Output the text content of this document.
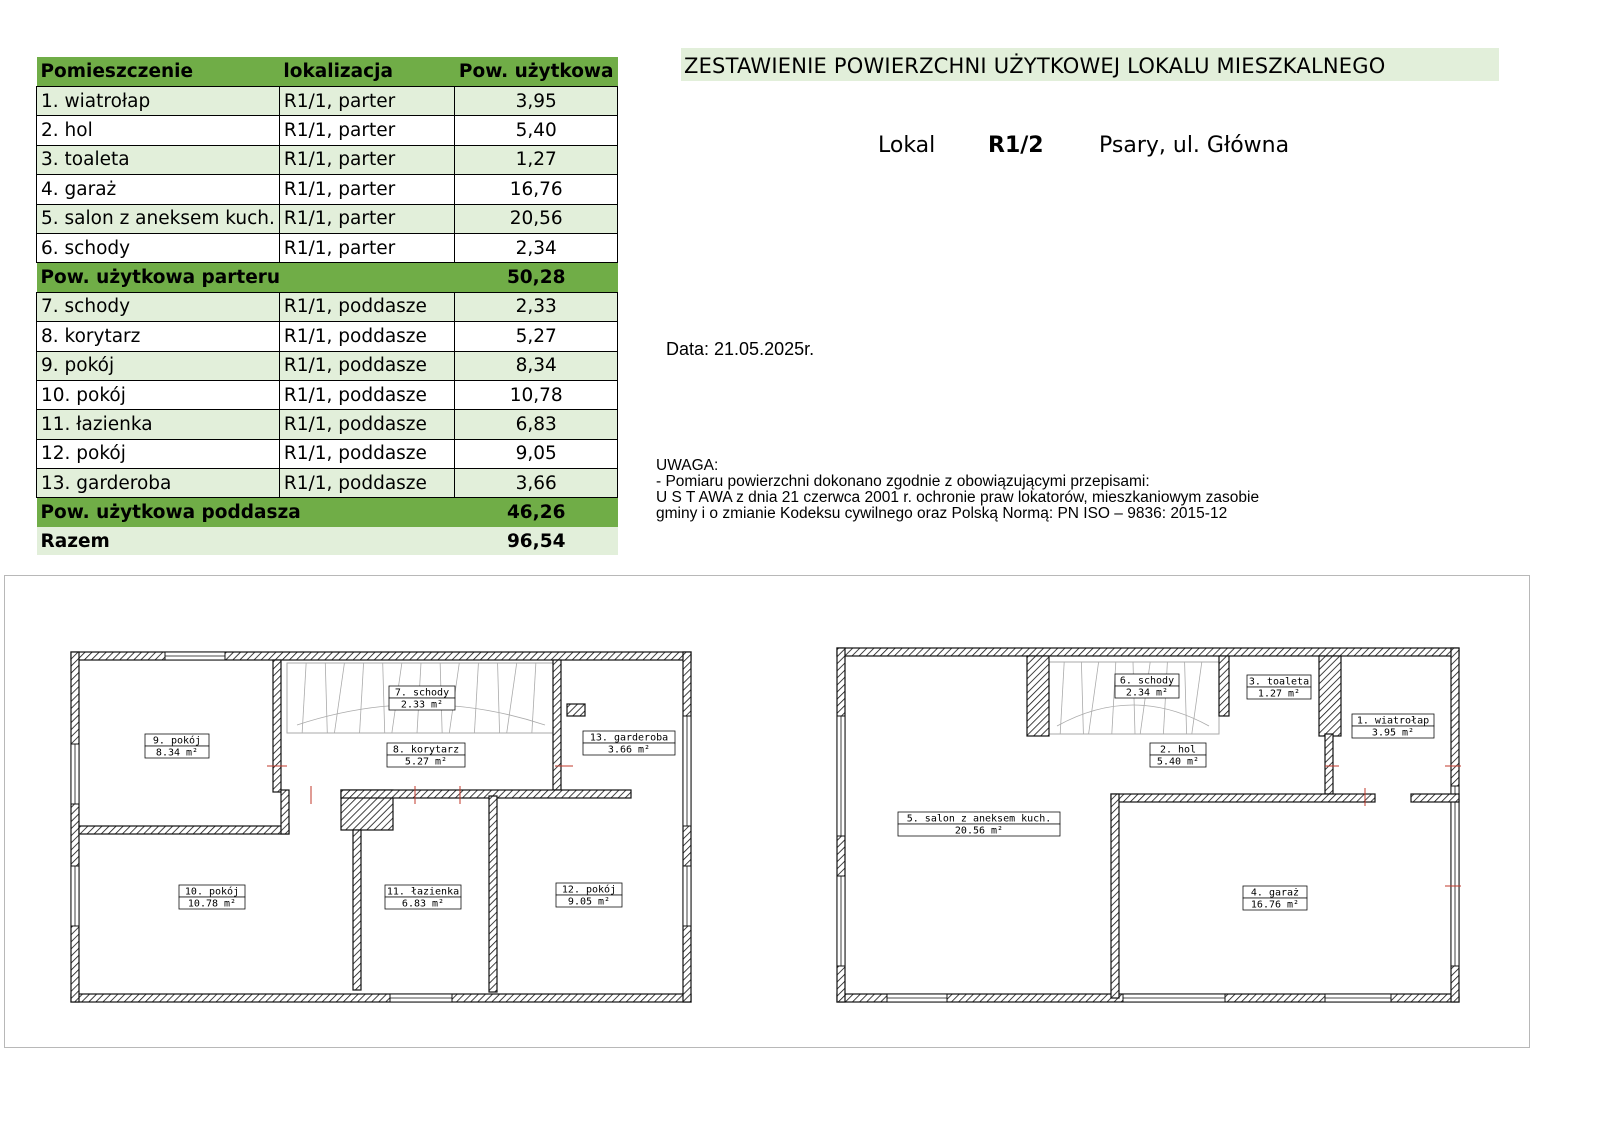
Pomieszczenie	lokalizacja	Pow. użytkowa
1. wiatrołap	R1/1, parter	3,95
2. hol	R1/1, parter	5,40
3. toaleta	R1/1, parter	1,27
4. garaż	R1/1, parter	16,76
5. salon z aneksem kuch.	R1/1, parter	20,56
6. schody	R1/1, parter	2,34
Pow. użytkowa parteru		50,28
7. schody	R1/1, poddasze	2,33
8. korytarz	R1/1, poddasze	5,27
9. pokój	R1/1, poddasze	8,34
10. pokój	R1/1, poddasze	10,78
11. łazienka	R1/1, poddasze	6,83
12. pokój	R1/1, poddasze	9,05
13. garderoba	R1/1, poddasze	3,66
Pow. użytkowa poddasza		46,26
Razem		96,54
ZESTAWIENIE POWIERZCHNI UŻYTKOWEJ LOKALU MIESZKALNEGO
Lokal R1/2	Psary, ul. Główna
Data: 21.05.2025r.
UWAGA:
- Pomiaru powierzchni dokonano zgodnie z obowiązującymi przepisami:
U S T AWA z dnia 21 czerwca 2001 r. ochronie praw lokatorów, mieszkaniowym zasobie
gminy i o zmianie Kodeksu cywilnego oraz Polską Normą: PN ISO – 9836: 2015-12
7. schody
2.33 m²
8. korytarz
5.27 m²
9. pokój
8.34 m²
10. pokój
10.78 m²
11. łazienka
6.83 m²
12. pokój
9.05 m²
13. garderoba
3.66 m²
6. schody
2.34 m²
3. toaleta
1.27 m²
1. wiatrołap
3.95 m²
2. hol
5.40 m²
5. salon z aneksem kuch.
20.56 m²
4. garaż
16.76 m²
